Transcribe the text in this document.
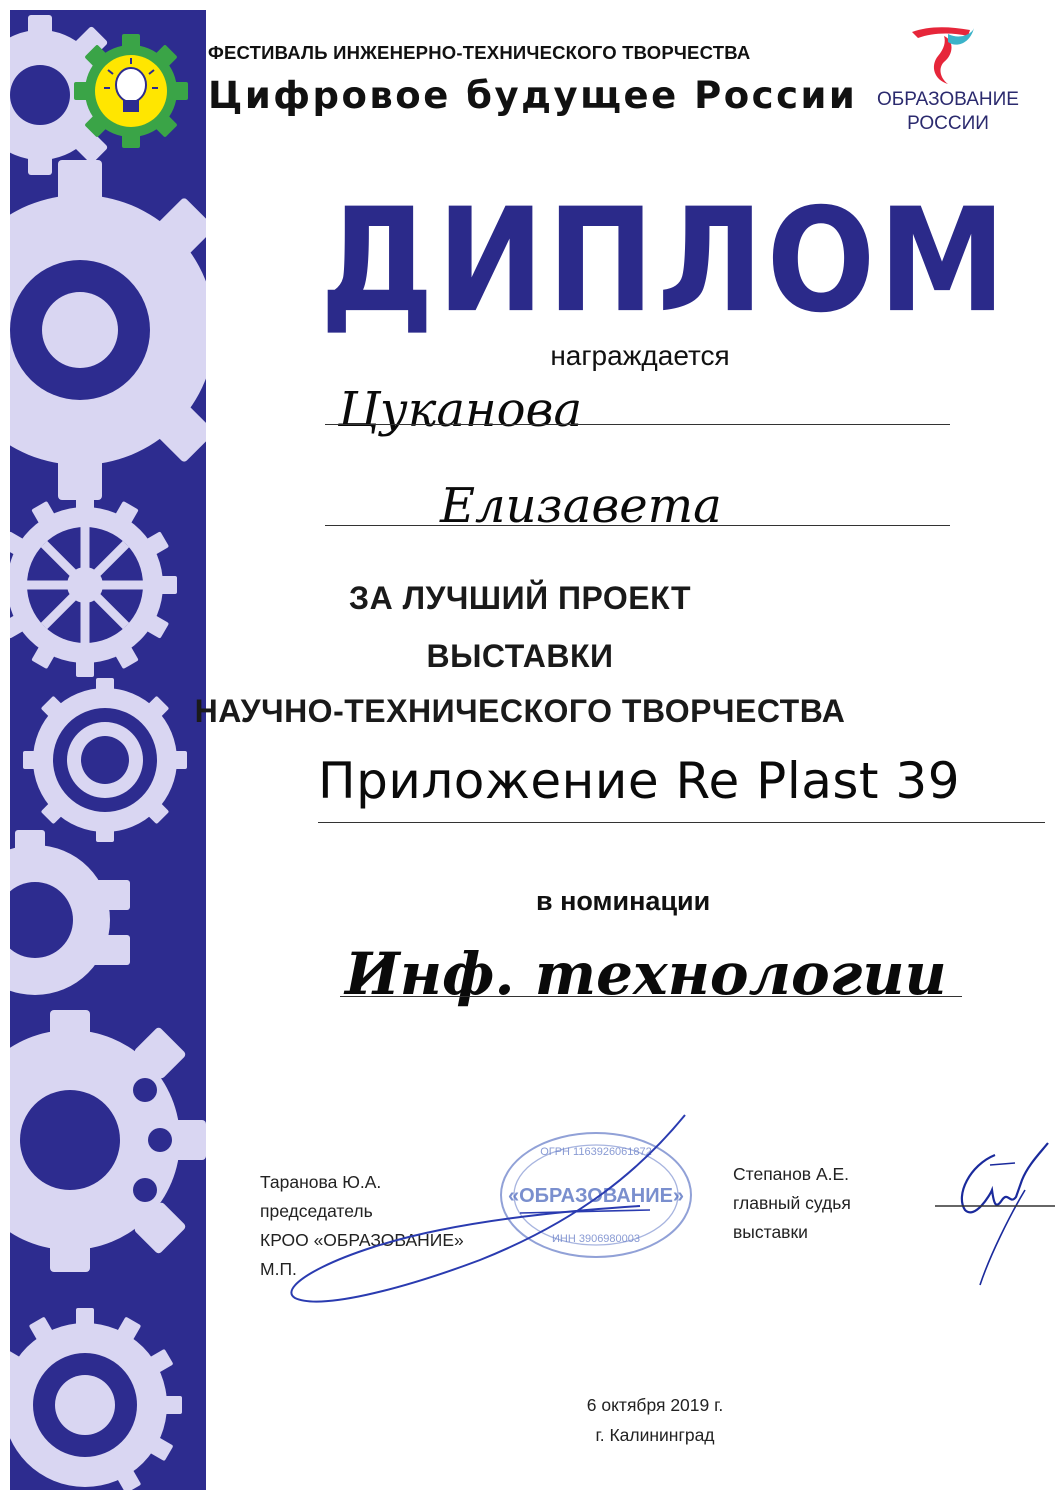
ФЕСТИВАЛЬ ИНЖЕНЕРНО-ТЕХНИЧЕСКОГО ТВОРЧЕСТВА
Цифровое будущее России	ОБРАЗОВАНИЕ
РОССИИ
ДИПЛОМ
награждается
Цуканова
Елизавета
ЗА ЛУЧШИЙ ПРОЕКТ
ВЫСТАВКИ
НАУЧНО-ТЕХНИЧЕСКОГО ТВОРЧЕСТВА
Приложение Re Plast 39
в номинации
Инф. технологии
ОГРН 1163926061872
«ОБРАЗОВАНИЕ»
ИНН 3906980003
Таранова Ю.А.
председатель
КРОО «ОБРАЗОВАНИЕ»
М.П.
Степанов А.Е.
главный судья
выставки
6 октября 2019 г.
г. Калининград
